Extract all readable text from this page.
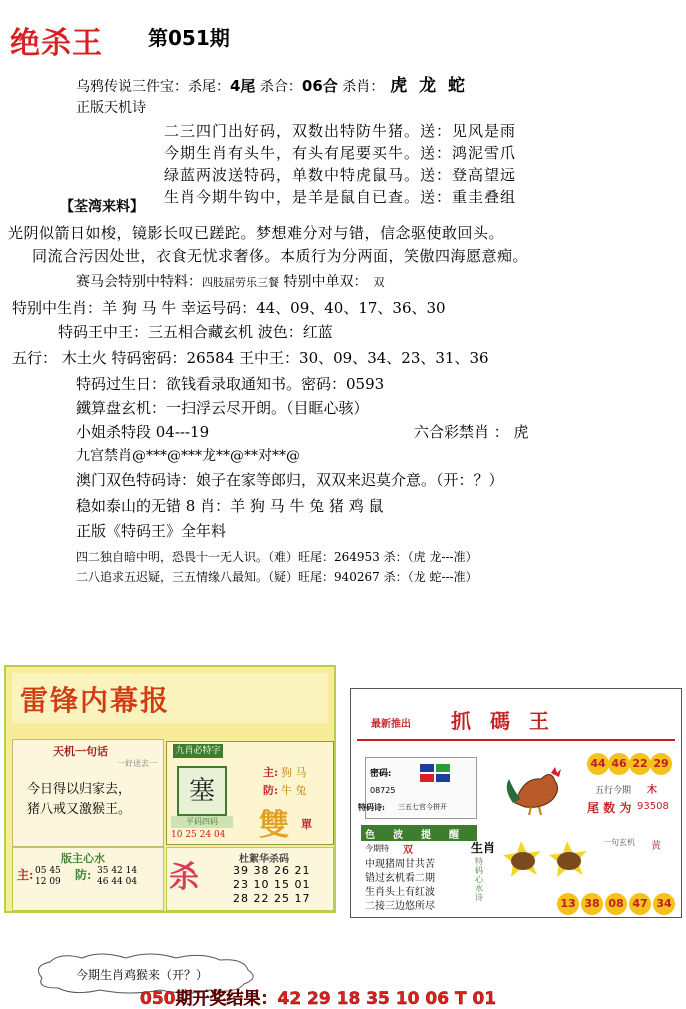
绝杀王 第051期
乌鸦传说三件宝：杀尾：4尾 杀合：06合 杀肖： 虎 龙 蛇
正版天机诗
二三四门出好码，双数出特防牛猪。送：见风是雨
今期生肖有头牛，有头有尾要买牛。送：鸿泥雪爪
绿蓝两波送特码，单数中特虎鼠马。送：登高望远
生肖今期牛钩中，是羊是鼠自已查。送：重圭叠组
【荃湾来料】
光阴似箭日如梭，镜影长叹已蹉跎。梦想难分对与错，信念驱使敢回头。
同流合污因处世，衣食无忧求奢侈。本质行为分两面，笑傲四海愿意痴。
赛马会特别中特料：四肢屈劳乐三餐 特别中单双： 双
特别中生肖：羊 狗 马 牛 幸运号码：44、09、40、17、36、30
特码王中王：三五相合藏玄机 波色：红蓝
五行： 木土火 特码密码：26584 王中王：30、09、34、23、31、36
特码过生日：欲钱看录取通知书。密码：0593
鐵算盘玄机：一扫浮云尽开朗。（目眶心骇）
小姐杀特段 04---19	六合彩禁肖 ： 虎
九宫禁肖@***@***龙**@**对**@
澳门双色特码诗：娘子在家等郎归，双双来迟莫介意。（开：？）
稳如泰山的无错 8 肖：羊 狗 马 牛 兔 猪 鸡 鼠
正版《特码王》全年料
四二独自暗中明，恐畏十一无人识。（难）旺尾：264953 杀：（虎 龙---准）
二八追求五迟疑，三五情缘八最知。（疑）旺尾：940267 杀：（龙 蛇---准）
雷锋内幕报
天机一句话
一好送去一
今日得以归家去，
猪八戒又激猴王。
九肖必特字
塞
主: 狗 马
防: 牛 兔
平码四码
10 25 24 04 雙 單
版主心水
主: 05 45
12 09 防: 35 42 14
46 44 04 杀
杜絮华杀码
39 38 26 21
23 10 15 01
28 22 25 17
最新推出 抓 碼 王
44 46 22 29
五行今期 木
尾 数 为 93508
密码:
08725
特码诗: 三五七官今拼开
色 波 提 醒
今期特 双
中现猪周甘共苦
错过玄机看二期
生肖头上有红波
二接三边悠所尽
生肖
特码心水诗
一句玄机 黄
13 38 08 47 34
今期生肖鸡猴来（开？）
050期开奖结果：42 29 18 35 10 06 T 01
